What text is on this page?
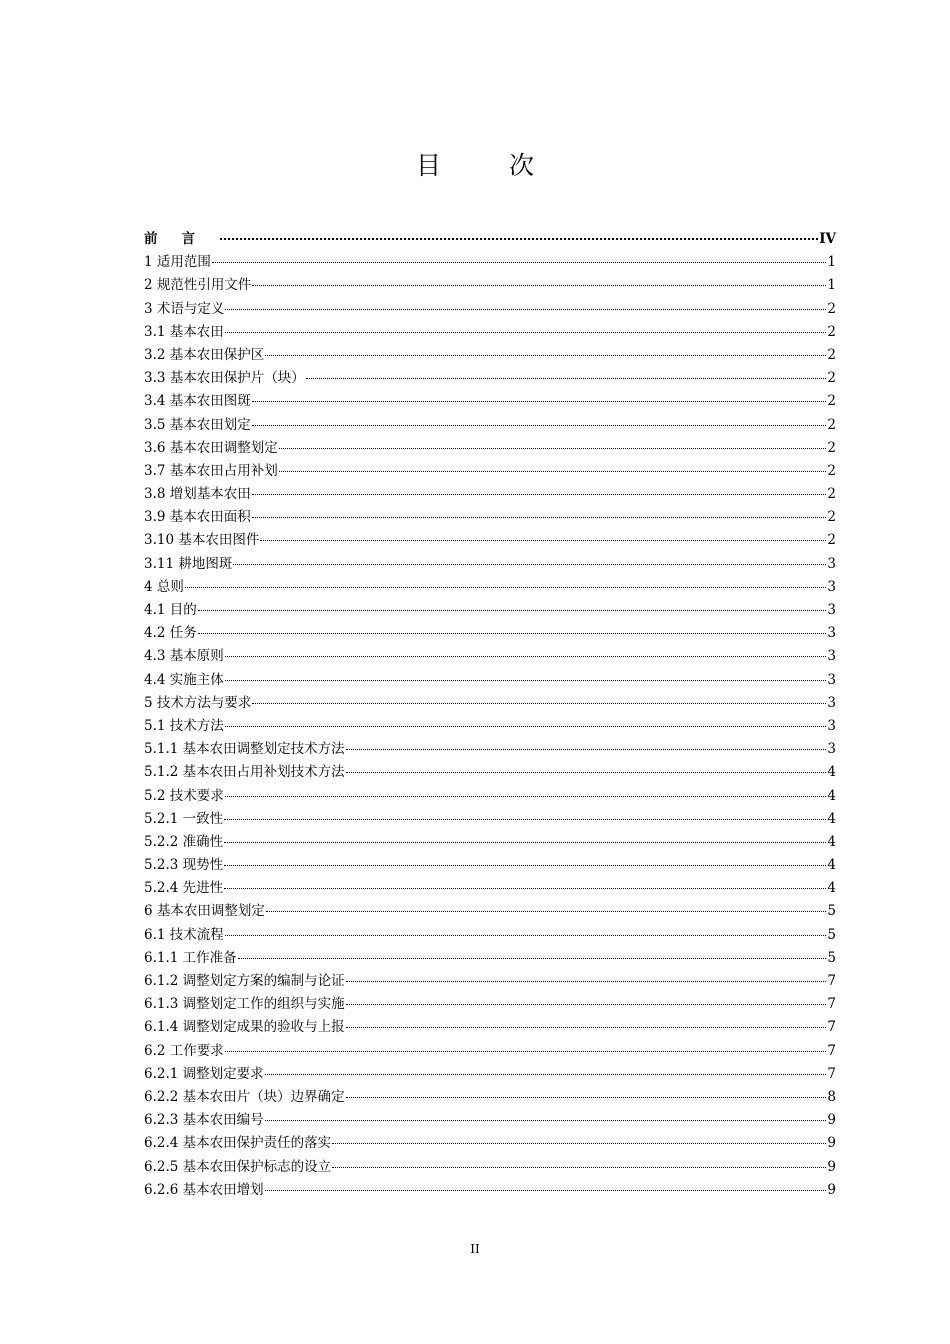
目 次
前言	IV
1 适用范围	1
2 规范性引用文件	1
3 术语与定义	2
3.1 基本农田	2
3.2 基本农田保护区	2
3.3 基本农田保护片（块）	2
3.4 基本农田图斑	2
3.5 基本农田划定	2
3.6 基本农田调整划定	2
3.7 基本农田占用补划	2
3.8 增划基本农田	2
3.9 基本农田面积	2
3.10 基本农田图件	2
3.11 耕地图斑	3
4 总则	3
4.1 目的	3
4.2 任务	3
4.3 基本原则	3
4.4 实施主体	3
5 技术方法与要求	3
5.1 技术方法	3
5.1.1 基本农田调整划定技术方法	3
5.1.2 基本农田占用补划技术方法	4
5.2 技术要求	4
5.2.1 一致性	4
5.2.2 准确性	4
5.2.3 现势性	4
5.2.4 先进性	4
6 基本农田调整划定	5
6.1 技术流程	5
6.1.1 工作准备	5
6.1.2 调整划定方案的编制与论证	7
6.1.3 调整划定工作的组织与实施	7
6.1.4 调整划定成果的验收与上报	7
6.2 工作要求	7
6.2.1 调整划定要求	7
6.2.2 基本农田片（块）边界确定	8
6.2.3 基本农田编号	9
6.2.4 基本农田保护责任的落实	9
6.2.5 基本农田保护标志的设立	9
6.2.6 基本农田增划	9
II
